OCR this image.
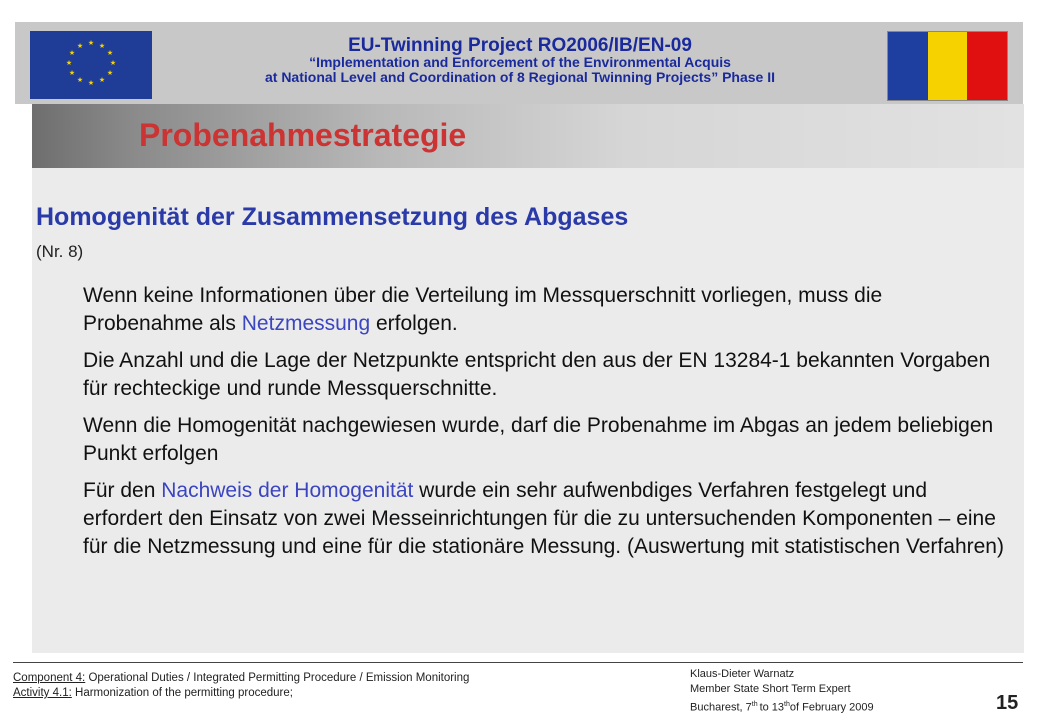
★ ★
★
★
★
★
★
★
★
★
★
★	EU-Twinning Project RO2006/IB/EN-09
“Implementation and Enforcement of the Environmental Acquis
at National Level and Coordination of 8 Regional Twinning Projects” Phase II
Probenahmestrategie
Homogenität der Zusammensetzung des Abgases
(Nr. 8)

Wenn keine Informationen über die Verteilung im Messquerschnitt vorliegen, muss die Probenahme als Netzmessung erfolgen.

Die Anzahl und die Lage der Netzpunkte entspricht den aus der EN 13284-1 bekannten Vorgaben für rechteckige und runde Messquerschnitte.

Wenn die Homogenität nachgewiesen wurde, darf die Probenahme im Abgas an jedem beliebigen Punkt erfolgen

Für den Nachweis der Homogenität wurde ein sehr aufwenbdiges Verfahren festgelegt und erfordert den Einsatz von zwei Messeinrichtungen für die zu untersuchenden Komponenten – eine für die Netzmessung und eine für die stationäre Messung. (Auswertung mit statistischen Verfahren)

Component 4: Operational Duties / Integrated Permitting Procedure / Emission Monitoring
Activity 4.1: Harmonization of the permitting procedure;
Klaus-Dieter Warnatz
Member State Short Term Expert
Bucharest, 7th to 13thof February 2009	15
